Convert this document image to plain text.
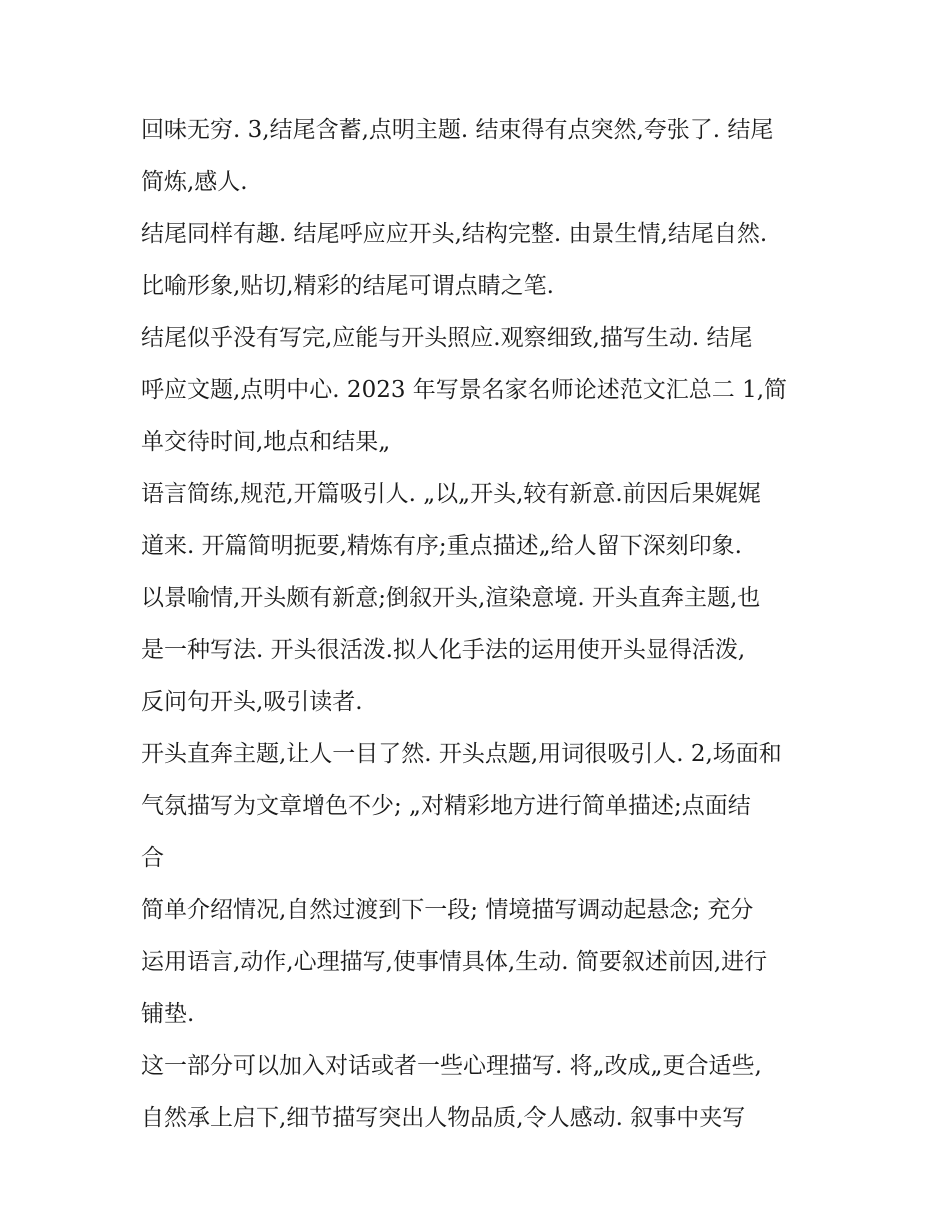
回味无穷. 3,结尾含蓄,点明主题. 结束得有点突然,夸张了. 结尾
简炼,感人.
结尾同样有趣. 结尾呼应应开头,结构完整. 由景生情,结尾自然.
比喻形象,贴切,精彩的结尾可谓点睛之笔.
结尾似乎没有写完,应能与开头照应.观察细致,描写生动. 结尾
呼应文题,点明中心. 2023 年写景名家名师论述范文汇总二 1,简
单交待时间,地点和结果„
语言简练,规范,开篇吸引人. „以„开头,较有新意.前因后果娓娓
道来. 开篇简明扼要,精炼有序;重点描述„给人留下深刻印象.
以景喻情,开头颇有新意;倒叙开头,渲染意境. 开头直奔主题,也
是一种写法. 开头很活泼.拟人化手法的运用使开头显得活泼,
反问句开头,吸引读者.
开头直奔主题,让人一目了然. 开头点题,用词很吸引人. 2,场面和
气氛描写为文章增色不少; „对精彩地方进行简单描述;点面结
合
简单介绍情况,自然过渡到下一段; 情境描写调动起悬念; 充分
运用语言,动作,心理描写,使事情具体,生动. 简要叙述前因,进行
铺垫.
这一部分可以加入对话或者一些心理描写. 将„改成„更合适些,
自然承上启下,细节描写突出人物品质,令人感动. 叙事中夹写
